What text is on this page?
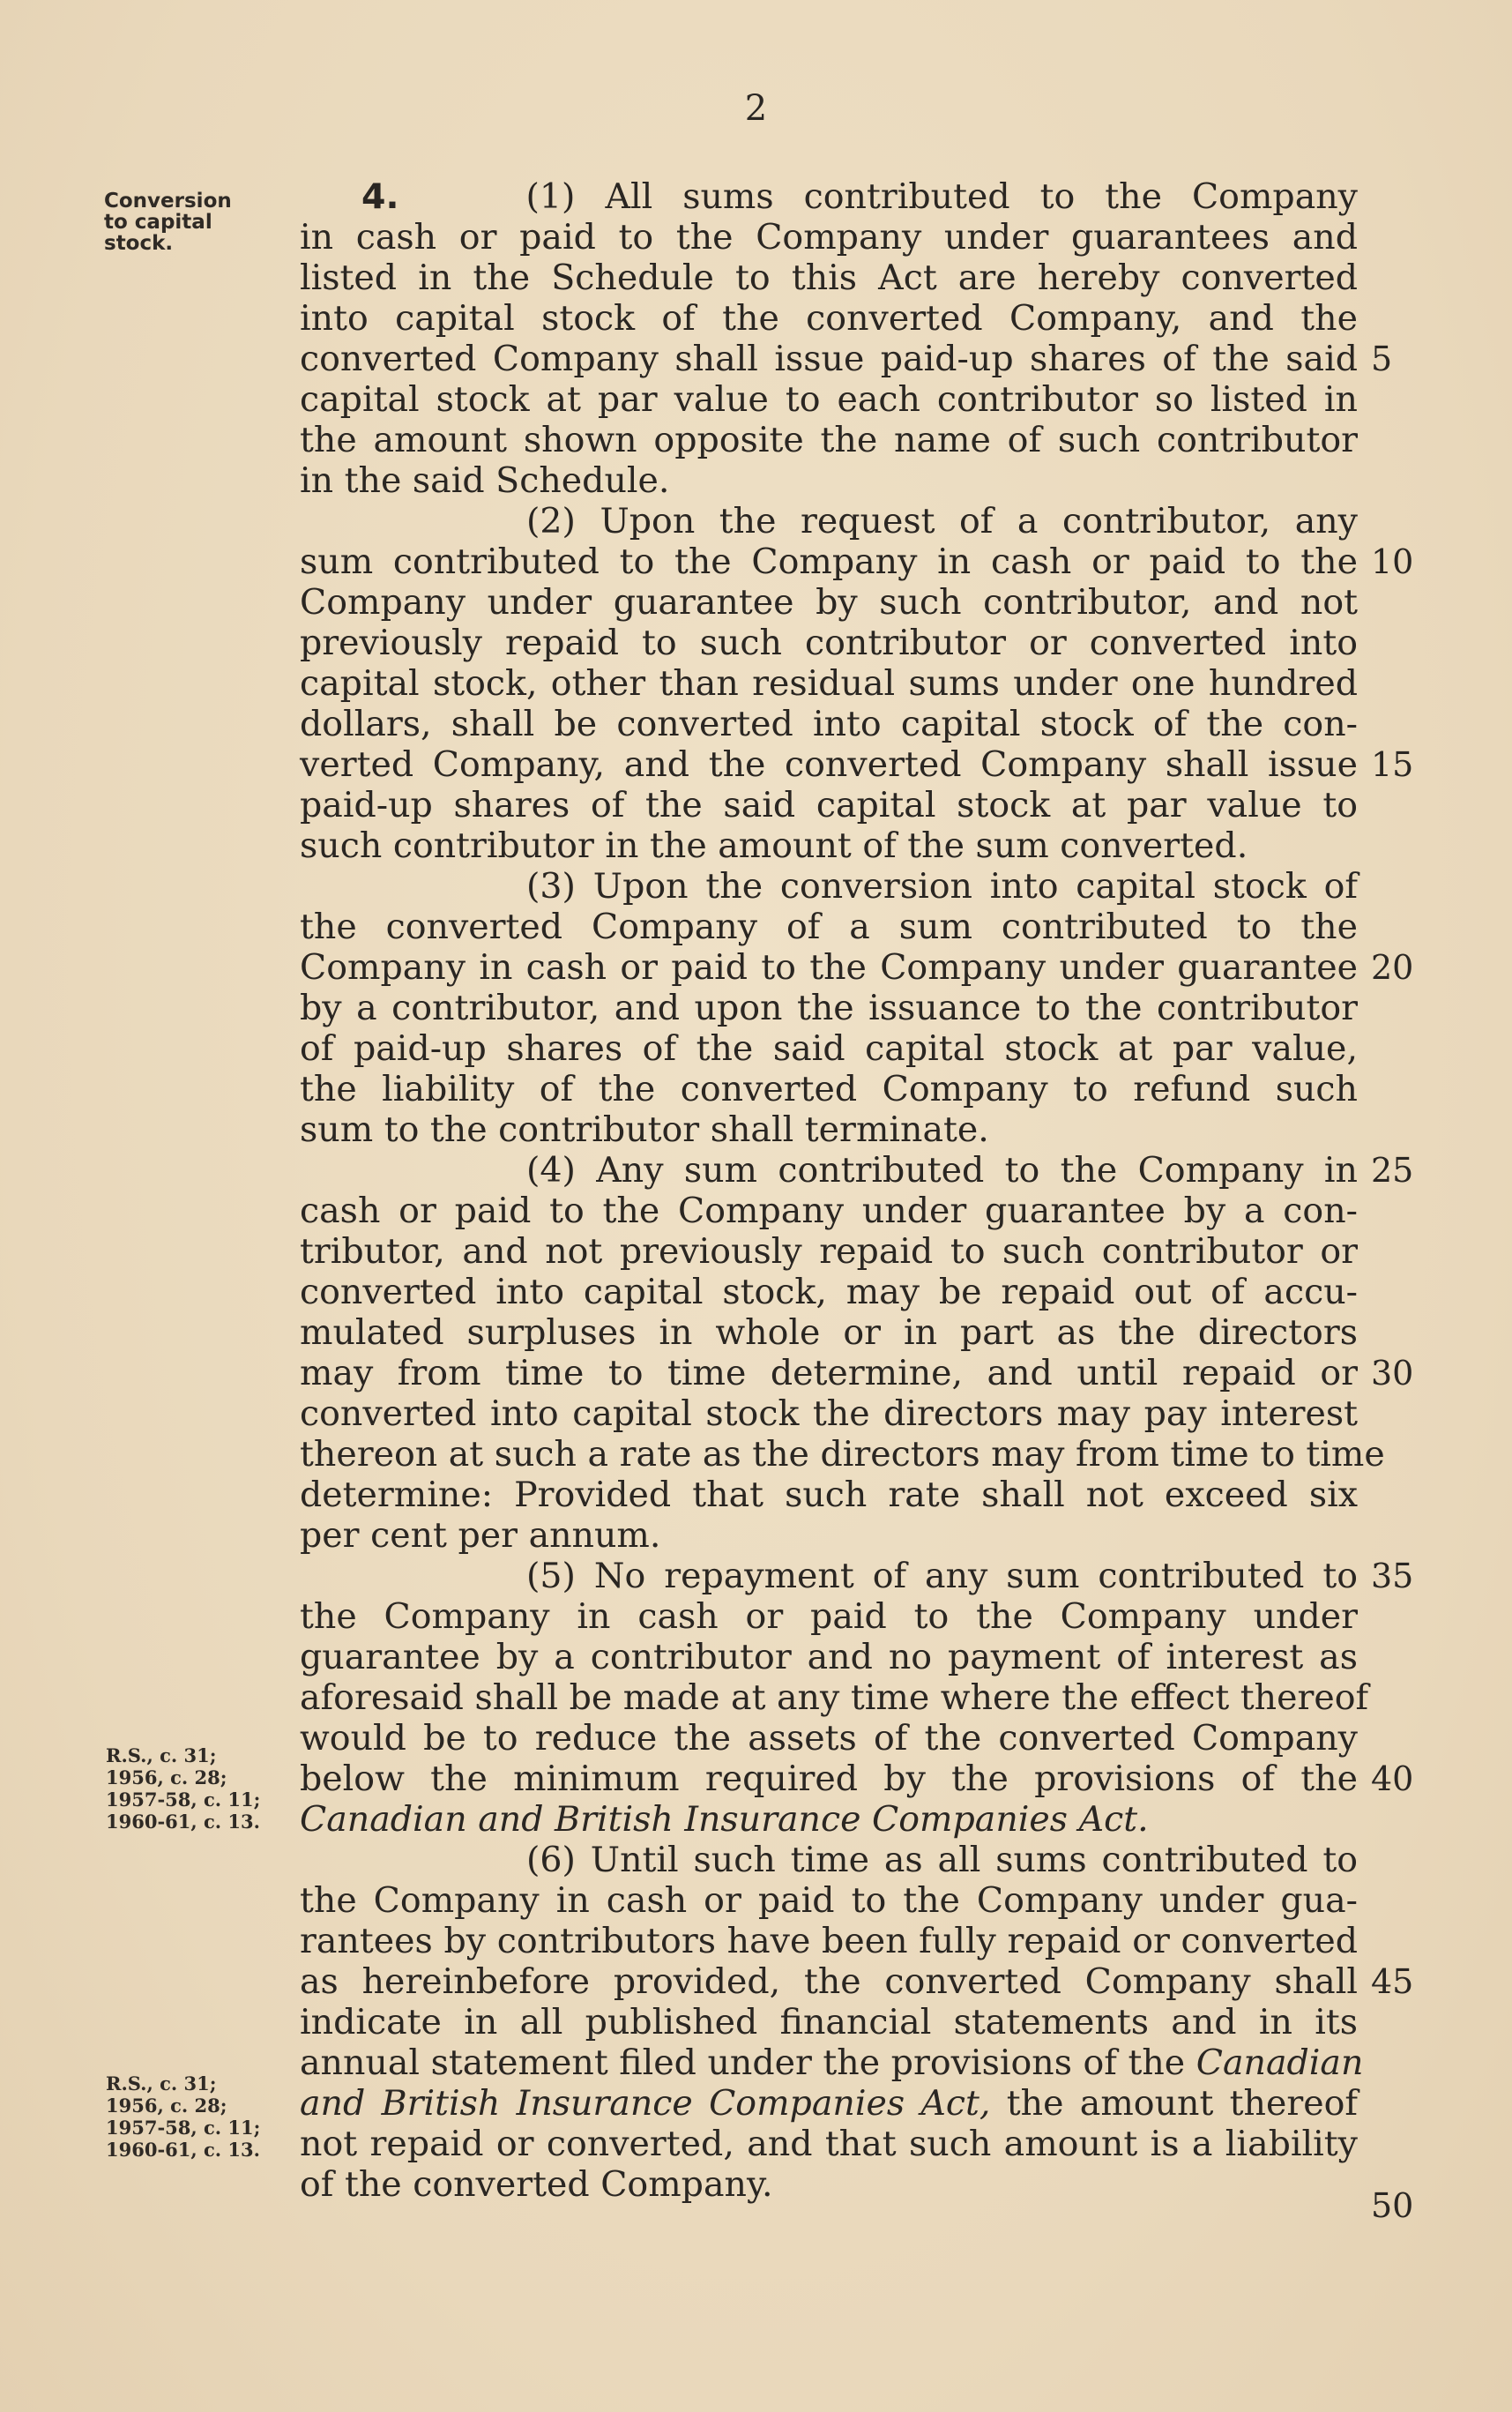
2
Conversion
to capital
stock.
R.S., c. 31;
1956, c. 28;
1957-58, c. 11;
1960-61, c. 13.
R.S., c. 31;
1956, c. 28;
1957-58, c. 11;
1960-61, c. 13.
4.	(1) All sums contributed to the Company
in cash or paid to the Company under guarantees and
listed in the Schedule to this Act are hereby converted
into capital stock of the converted Company, and the
converted Company shall issue paid-up shares of the said
capital stock at par value to each contributor so listed in
the amount shown opposite the name of such contributor
in the said Schedule.
(2) Upon the request of a contributor, any
sum contributed to the Company in cash or paid to the
Company under guarantee by such contributor, and not
previously repaid to such contributor or converted into
capital stock, other than residual sums under one hundred
dollars, shall be converted into capital stock of the con-
verted Company, and the converted Company shall issue
paid-up shares of the said capital stock at par value to
such contributor in the amount of the sum converted.
(3) Upon the conversion into capital stock of
the converted Company of a sum contributed to the
Company in cash or paid to the Company under guarantee
by a contributor, and upon the issuance to the contributor
of paid-up shares of the said capital stock at par value,
the liability of the converted Company to refund such
sum to the contributor shall terminate.
(4) Any sum contributed to the Company in
cash or paid to the Company under guarantee by a con-
tributor, and not previously repaid to such contributor or
converted into capital stock, may be repaid out of accu-
mulated surpluses in whole or in part as the directors
may from time to time determine, and until repaid or
converted into capital stock the directors may pay interest
thereon at such a rate as the directors may from time to time
determine: Provided that such rate shall not exceed six
per cent per annum.
(5) No repayment of any sum contributed to
the Company in cash or paid to the Company under
guarantee by a contributor and no payment of interest as
aforesaid shall be made at any time where the effect thereof
would be to reduce the assets of the converted Company
below the minimum required by the provisions of the
Canadian and British Insurance Companies Act.
(6) Until such time as all sums contributed to
the Company in cash or paid to the Company under gua-
rantees by contributors have been fully repaid or converted
as hereinbefore provided, the converted Company shall
indicate in all published financial statements and in its
annual statement filed under the provisions of the Canadian
and British Insurance Companies Act, the amount thereof
not repaid or converted, and that such amount is a liability
of the converted Company.
5
10
15
20
25
30
35
40
45
50
